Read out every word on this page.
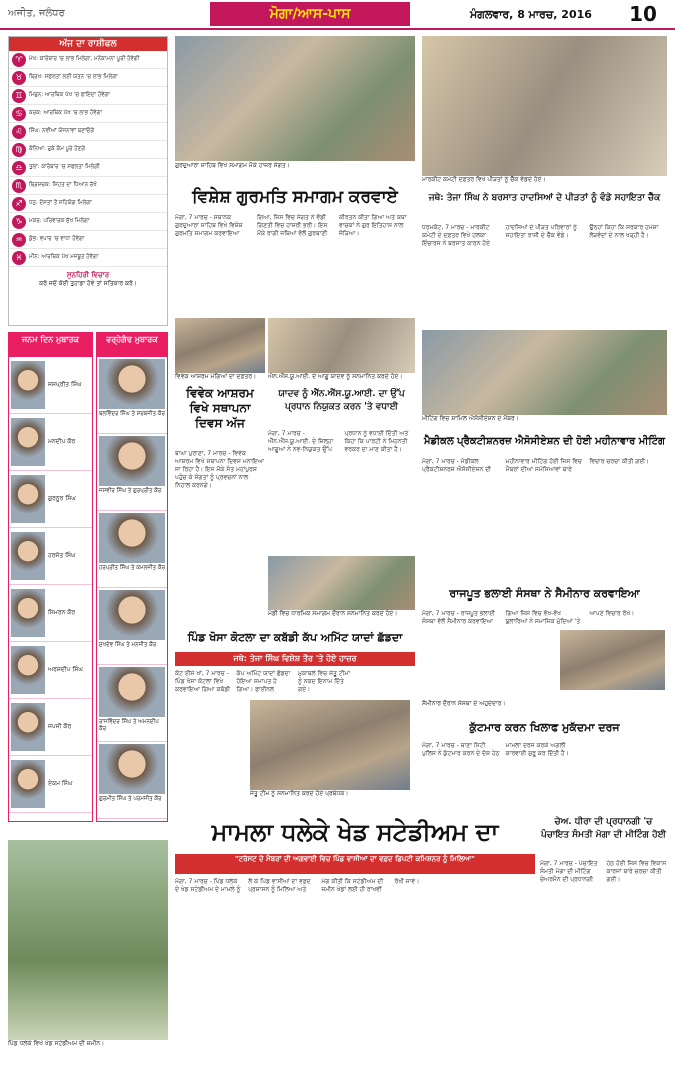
ਅਜੀਤ, ਜਲੰਧਰ	ਮੋਗਾ/ਆਸ-ਪਾਸ	ਮੰਗਲਵਾਰ, 8 ਮਾਰਚ, 2016	10
ਅੱਜ ਦਾ ਰਾਸ਼ੀਫਲ
♈	ਮੇਖ: ਕਾਰੋਬਾਰ 'ਚ ਲਾਭ ਮਿਲੇਗਾ, ਮਨੋਕਾਮਨਾ ਪੂਰੀ ਹੋਵੇਗੀ
♉	ਬ੍ਰਿਖ: ਸਫਲਤਾ ਲਈ ਯਤਨ 'ਚ ਲਾਭ ਮਿਲੇਗਾ
♊	ਮਿਥੁਨ: ਆਰਥਿਕ ਪੱਖ 'ਚ ਫਾਇਦਾ ਹੋਵੇਗਾ
♋	ਕਰਕ: ਆਰਥਿਕ ਪੱਖ 'ਚ ਲਾਭ ਹੋਵੇਗਾ
♌	ਸਿੰਘ: ਨਵੀਆਂ ਯੋਜਨਾਵਾਂ ਬਣਾਓਗੇ
♍	ਕੰਨਿਆ: ਰੁਕੇ ਕੰਮ ਪੂਰੇ ਹੋਣਗੇ
♎	ਤੁਲਾ: ਕਾਰੋਬਾਰ 'ਚ ਸਫਲਤਾ ਮਿਲੇਗੀ
♏	ਬ੍ਰਿਸ਼ਚਕ: ਸਿਹਤ ਦਾ ਧਿਆਨ ਰੱਖੋ
♐	ਧਨੁ: ਦੋਸਤਾਂ ਤੋਂ ਸਹਿਯੋਗ ਮਿਲੇਗਾ
♑	ਮਕਰ: ਪਰਿਵਾਰਕ ਸੁੱਖ ਮਿਲੇਗਾ
♒	ਕੁੰਭ: ਵਪਾਰ 'ਚ ਵਾਧਾ ਹੋਵੇਗਾ
♓	ਮੀਨ: ਆਰਥਿਕ ਪੱਖ ਮਜ਼ਬੂਤ ਹੋਵੇਗਾ
ਸੁਨਹਿਰੀ ਵਿਚਾਰ
ਕਰੋ ਜਦੋਂ ਕੋਈ ਤੁਹਾਡਾ ਹੋਵੇ ਤਾਂ ਸਤਿਕਾਰ ਕਰੋ।
ਜਨਮ ਦਿਨ ਮੁਬਾਰਕ
ਜਸਪ੍ਰੀਤ ਸਿੰਘ
ਮਨਦੀਪ ਕੌਰ
ਗੁਰਨੂਰ ਸਿੰਘ
ਹਰਜੋਤ ਸਿੰਘ
ਸਿਮਰਨ ਕੌਰ
ਅਰਸ਼ਦੀਪ ਸਿੰਘ
ਜਪਜੀ ਕੌਰ
ਏਕਮ ਸਿੰਘ
ਵਰ੍ਹੇਗੰਢ ਮੁਬਾਰਕ
ਬਲਵਿੰਦਰ ਸਿੰਘ ਤੇ ਸਰਬਜੀਤ ਕੌਰ
ਜਸਵੀਰ ਸਿੰਘ ਤੇ ਗੁਰਪ੍ਰੀਤ ਕੌਰ
ਹਰਪ੍ਰੀਤ ਸਿੰਘ ਤੇ ਕਮਲਜੀਤ ਕੌਰ
ਸੁਖਦੇਵ ਸਿੰਘ ਤੇ ਮਨਜੀਤ ਕੌਰ
ਰਾਜਵਿੰਦਰ ਸਿੰਘ ਤੇ ਅਮਨਦੀਪ ਕੌਰ
ਗੁਰਮੀਤ ਸਿੰਘ ਤੇ ਪਰਮਜੀਤ ਕੌਰ
ਪਿੰਡ ਧਲੇਕੇ ਵਿਖੇ ਖੇਡ ਸਟੇਡੀਅਮ ਦੀ ਜ਼ਮੀਨ।
ਗੁਰਦੁਆਰਾ ਸਾਹਿਬ ਵਿਖੇ ਸਮਾਗਮ ਮੌਕੇ ਹਾਜ਼ਰ ਸੰਗਤ।
ਵਿਸ਼ੇਸ਼ ਗੁਰਮਤਿ ਸਮਾਗਮ ਕਰਵਾਏ
ਮੋਗਾ, 7 ਮਾਰਚ - ਸਥਾਨਕ ਗੁਰਦੁਆਰਾ ਸਾਹਿਬ ਵਿਖੇ ਵਿਸ਼ੇਸ਼ ਗੁਰਮਤਿ ਸਮਾਗਮ ਕਰਵਾਇਆ ਗਿਆ, ਜਿਸ ਵਿਚ ਸੰਗਤ ਨੇ ਵੱਡੀ ਗਿਣਤੀ ਵਿਚ ਹਾਜ਼ਰੀ ਭਰੀ। ਇਸ ਮੌਕੇ ਰਾਗੀ ਜਥਿਆਂ ਵੱਲੋਂ ਗੁਰਬਾਣੀ ਕੀਰਤਨ ਕੀਤਾ ਗਿਆ ਅਤੇ ਕਥਾ ਵਾਚਕਾਂ ਨੇ ਗੁਰ ਇਤਿਹਾਸ ਨਾਲ ਜੋੜਿਆ।
ਵਿਵੇਕ ਆਸ਼ਰਮ ਮੰਗਿਆਂ ਦਾ ਦਫ਼ਤਰ।
ਵਿਵੇਕ ਆਸ਼ਰਮ ਵਿਖੇ ਸਥਾਪਨਾ ਦਿਵਸ ਅੱਜ
ਬਾਘਾ ਪੁਰਾਣਾ, 7 ਮਾਰਚ - ਵਿਵੇਕ ਆਸ਼ਰਮ ਵਿਖੇ ਸਥਾਪਨਾ ਦਿਵਸ ਮਨਾਇਆ ਜਾ ਰਿਹਾ ਹੈ। ਇਸ ਮੌਕੇ ਸੰਤ ਮਹਾਂਪੁਰਸ਼ ਪਹੁੰਚ ਕੇ ਸੰਗਤਾਂ ਨੂੰ ਪ੍ਰਵਚਨਾਂ ਨਾਲ ਨਿਹਾਲ ਕਰਨਗੇ।
ਐਨ.ਐੱਸ.ਯੂ.ਆਈ. ਦੇ ਆਗੂ ਯਾਦਵ ਨੂੰ ਸਨਮਾਨਿਤ ਕਰਦੇ ਹੋਏ।
ਯਾਦਵ ਨੂੰ ਐੱਨ.ਐੱਸ.ਯੂ.ਆਈ. ਦਾ ਉੱਪ ਪ੍ਰਧਾਨ ਨਿਯੁਕਤ ਕਰਨ 'ਤੇ ਵਧਾਈ
ਮੋਗਾ, 7 ਮਾਰਚ - ਐੱਨ.ਐੱਸ.ਯੂ.ਆਈ. ਦੇ ਜ਼ਿਲ੍ਹਾ ਆਗੂਆਂ ਨੇ ਨਵ-ਨਿਯੁਕਤ ਉੱਪ ਪ੍ਰਧਾਨ ਨੂੰ ਵਧਾਈ ਦਿੱਤੀ ਅਤੇ ਕਿਹਾ ਕਿ ਪਾਰਟੀ ਨੇ ਮਿਹਨਤੀ ਵਰਕਰ ਦਾ ਮਾਣ ਕੀਤਾ ਹੈ।
ਮੰਡੀ ਵਿਚ ਧਾਰਮਿਕ ਸਮਾਗਮ ਦੌਰਾਨ ਸਨਮਾਨਿਤ ਕਰਦੇ ਹੋਏ।
ਪਿੰਡ ਖੋਸਾ ਕੋਟਲਾ ਦਾ ਕਬੱਡੀ ਕੱਪ ਅਮਿੱਟ ਯਾਦਾਂ ਛੱਡਦਾ
ਜਥੇ: ਤੇਜਾ ਸਿੰਘ ਵਿਸ਼ੇਸ਼ ਤੌਰ 'ਤੇ ਹੋਏ ਹਾਜ਼ਰ
ਕੋਟ ਈਸੇ ਖਾਂ, 7 ਮਾਰਚ - ਪਿੰਡ ਖੋਸਾ ਕੋਟਲਾ ਵਿਖੇ ਕਰਵਾਇਆ ਗਿਆ ਕਬੱਡੀ ਕੱਪ ਅਮਿੱਟ ਯਾਦਾਂ ਛੱਡਦਾ ਹੋਇਆ ਸਮਾਪਤ ਹੋ ਗਿਆ। ਫਾਈਨਲ ਮੁਕਾਬਲੇ ਵਿਚ ਜੇਤੂ ਟੀਮਾਂ ਨੂੰ ਨਕਦ ਇਨਾਮ ਦਿੱਤੇ ਗਏ।
ਜੇਤੂ ਟੀਮ ਨੂੰ ਸਨਮਾਨਿਤ ਕਰਦੇ ਹੋਏ ਪ੍ਰਬੰਧਕ।
ਮਾਰਕੀਟ ਕਮੇਟੀ ਦਫ਼ਤਰ ਵਿਖੇ ਪੀੜਤਾਂ ਨੂੰ ਚੈੱਕ ਵੰਡਦੇ ਹੋਏ।
ਜਥੇ: ਤੇਜਾ ਸਿੰਘ ਨੇ ਬਰਸਾਤ ਹਾਦਸਿਆਂ ਦੇ ਪੀੜਤਾਂ ਨੂੰ ਵੰਡੇ ਸਹਾਇਤਾ ਚੈੱਕ
ਧਰਮਕੋਟ, 7 ਮਾਰਚ - ਮਾਰਕੀਟ ਕਮੇਟੀ ਦੇ ਦਫ਼ਤਰ ਵਿਖੇ ਹਲਕਾ ਇੰਚਾਰਜ ਨੇ ਬਰਸਾਤ ਕਾਰਨ ਹੋਏ ਹਾਦਸਿਆਂ ਦੇ ਪੀੜਤ ਪਰਿਵਾਰਾਂ ਨੂੰ ਸਹਾਇਤਾ ਰਾਸ਼ੀ ਦੇ ਚੈੱਕ ਵੰਡੇ। ਉਨ੍ਹਾਂ ਕਿਹਾ ਕਿ ਸਰਕਾਰ ਹਮੇਸ਼ਾ ਲੋੜਵੰਦਾਂ ਦੇ ਨਾਲ ਖੜ੍ਹੀ ਹੈ।
ਮੀਟਿੰਗ ਵਿਚ ਸ਼ਾਮਿਲ ਐਸੋਸੀਏਸ਼ਨ ਦੇ ਮੈਂਬਰ।
ਮੈਡੀਕਲ ਪ੍ਰੈਕਟੀਸ਼ਨਰਜ਼ ਐਸੋਸੀਏਸ਼ਨ ਦੀ ਹੋਈ ਮਹੀਨਾਵਾਰ ਮੀਟਿੰਗ
ਮੋਗਾ, 7 ਮਾਰਚ - ਮੈਡੀਕਲ ਪ੍ਰੈਕਟੀਸ਼ਨਰਜ਼ ਐਸੋਸੀਏਸ਼ਨ ਦੀ ਮਹੀਨਾਵਾਰ ਮੀਟਿੰਗ ਹੋਈ ਜਿਸ ਵਿਚ ਮੈਂਬਰਾਂ ਦੀਆਂ ਸਮੱਸਿਆਵਾਂ ਬਾਰੇ ਵਿਚਾਰ ਚਰਚਾ ਕੀਤੀ ਗਈ।
ਰਾਜਪੂਤ ਭਲਾਈ ਸੰਸਥਾ ਨੇ ਸੈਮੀਨਾਰ ਕਰਵਾਇਆ
ਮੋਗਾ, 7 ਮਾਰਚ - ਰਾਜਪੂਤ ਭਲਾਈ ਸੰਸਥਾ ਵੱਲੋਂ ਸੈਮੀਨਾਰ ਕਰਵਾਇਆ ਗਿਆ ਜਿਸ ਵਿਚ ਵੱਖ-ਵੱਖ ਬੁਲਾਰਿਆਂ ਨੇ ਸਮਾਜਿਕ ਮੁੱਦਿਆਂ 'ਤੇ ਆਪਣੇ ਵਿਚਾਰ ਰੱਖੇ।
ਸੈਮੀਨਾਰ ਦੌਰਾਨ ਸੰਸਥਾ ਦੇ ਅਹੁਦੇਦਾਰ।
ਕੁੱਟਮਾਰ ਕਰਨ ਖਿਲਾਫ ਮੁਕੱਦਮਾ ਦਰਜ
ਮੋਗਾ, 7 ਮਾਰਚ - ਥਾਣਾ ਸਿਟੀ ਪੁਲਿਸ ਨੇ ਕੁੱਟਮਾਰ ਕਰਨ ਦੇ ਦੋਸ਼ ਹੇਠ ਮਾਮਲਾ ਦਰਜ ਕਰਕੇ ਅਗਲੀ ਕਾਰਵਾਈ ਸ਼ੁਰੂ ਕਰ ਦਿੱਤੀ ਹੈ।
ਚੇਅ. ਧੀਰਾ ਦੀ ਪ੍ਰਧਾਨਗੀ 'ਚ ਪੰਚਾਇਤ ਸੰਮਤੀ ਮੋਗਾ ਦੀ ਮੀਟਿੰਗ ਹੋਈ
ਮੋਗਾ, 7 ਮਾਰਚ - ਪੰਚਾਇਤ ਸੰਮਤੀ ਮੋਗਾ ਦੀ ਮੀਟਿੰਗ ਚੇਅਰਮੈਨ ਦੀ ਪ੍ਰਧਾਨਗੀ ਹੇਠ ਹੋਈ ਜਿਸ ਵਿਚ ਵਿਕਾਸ ਕਾਰਜਾਂ ਬਾਰੇ ਚਰਚਾ ਕੀਤੀ ਗਈ।
ਮਾਮਲਾ ਧਲੇਕੇ ਖੇਡ ਸਟੇਡੀਅਮ ਦਾ
"ਟਰੱਸਟ ਦੇ ਮੈਂਬਰਾਂ ਦੀ ਅਗਵਾਈ ਵਿਚ ਪਿੰਡ ਵਾਸੀਆਂ ਦਾ ਵਫ਼ਦ ਡਿਪਟੀ ਕਮਿਸ਼ਨਰ ਨੂੰ ਮਿਲਿਆ"
ਮੋਗਾ, 7 ਮਾਰਚ - ਪਿੰਡ ਧਲੇਕੇ ਦੇ ਖੇਡ ਸਟੇਡੀਅਮ ਦੇ ਮਾਮਲੇ ਨੂੰ ਲੈ ਕੇ ਪਿੰਡ ਵਾਸੀਆਂ ਦਾ ਵਫ਼ਦ ਪ੍ਰਸ਼ਾਸਨ ਨੂੰ ਮਿਲਿਆ ਅਤੇ ਮੰਗ ਕੀਤੀ ਕਿ ਸਟੇਡੀਅਮ ਦੀ ਜ਼ਮੀਨ ਖੇਡਾਂ ਲਈ ਹੀ ਰਾਖਵੀਂ ਰੱਖੀ ਜਾਵੇ।
